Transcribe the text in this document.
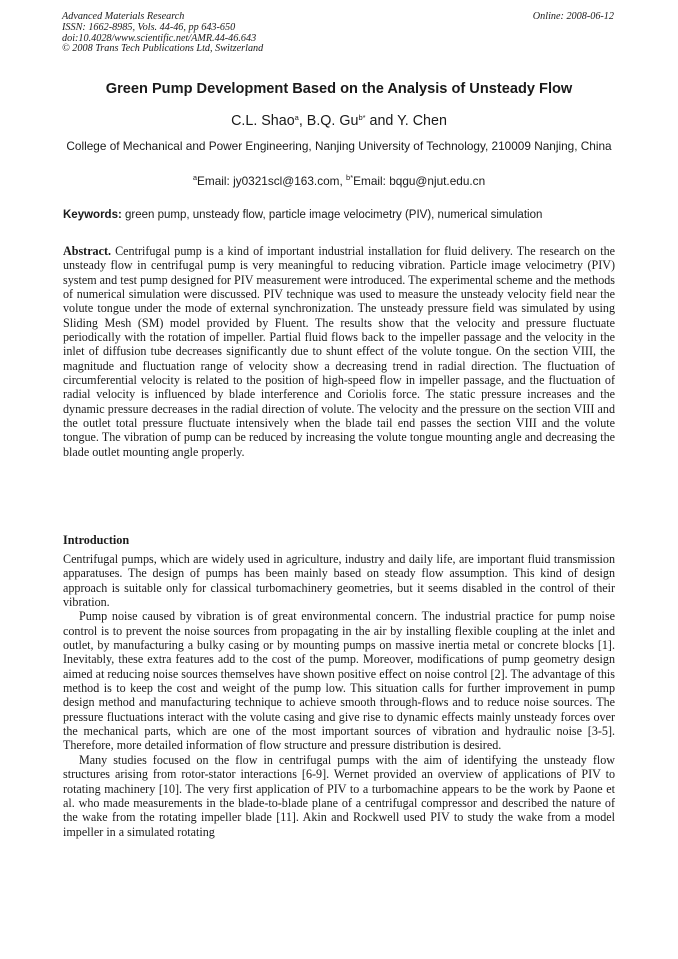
Advanced Materials Research
ISSN: 1662-8985, Vols. 44-46, pp 643-650
doi:10.4028/www.scientific.net/AMR.44-46.643
© 2008 Trans Tech Publications Ltd, Switzerland
Online: 2008-06-12
Green Pump Development Based on the Analysis of Unsteady Flow
C.L. Shao$^a$, B.Q. $Gu^{b*}$ and Y. Chen
College of Mechanical and Power Engineering, Nanjing University of Technology, 210009 Nanjing, China
$^a$Email: jy0321scl@163.com, $^{b*}$Email: bqgu@njut.edu.cn
Keywords: green pump, unsteady flow, particle image velocimetry (PIV), numerical simulation
Abstract. Centrifugal pump is a kind of important industrial installation for fluid delivery. The research on the unsteady flow in centrifugal pump is very meaningful to reducing vibration. Particle image velocimetry (PIV) system and test pump designed for PIV measurement were introduced. The experimental scheme and the methods of numerical simulation were discussed. PIV technique was used to measure the unsteady velocity field near the volute tongue under the mode of external synchronization. The unsteady pressure field was simulated by using Sliding Mesh (SM) model provided by Fluent. The results show that the velocity and pressure fluctuate periodically with the rotation of impeller. Partial fluid flows back to the impeller passage and the velocity in the inlet of diffusion tube decreases significantly due to shunt effect of the volute tongue. On the section VIII, the magnitude and fluctuation range of velocity show a decreasing trend in radial direction. The fluctuation of circumferential velocity is related to the position of high-speed flow in impeller passage, and the fluctuation of radial velocity is influenced by blade interference and Coriolis force. The static pressure increases and the dynamic pressure decreases in the radial direction of volute. The velocity and the pressure on the section VIII and the outlet total pressure fluctuate intensively when the blade tail end passes the section VIII and the volute tongue. The vibration of pump can be reduced by increasing the volute tongue mounting angle and decreasing the blade outlet mounting angle properly.
Introduction

Centrifugal pumps, which are widely used in agriculture, industry and daily life, are important fluid transmission apparatuses. The design of pumps has been mainly based on steady flow assumption. This kind of design approach is suitable only for classical turbomachinery geometries, but it seems disabled in the control of their vibration.

Pump noise caused by vibration is of great environmental concern. The industrial practice for pump noise control is to prevent the noise sources from propagating in the air by installing flexible coupling at the inlet and outlet, by manufacturing a bulky casing or by mounting pumps on massive inertia metal or concrete blocks [1]. Inevitably, these extra features add to the cost of the pump. Moreover, modifications of pump geometry design aimed at reducing noise sources themselves have shown positive effect on noise control [2]. The advantage of this method is to keep the cost and weight of the pump low. This situation calls for further improvement in pump design method and manufacturing technique to achieve smooth through-flows and to reduce noise sources. The pressure fluctuations interact with the volute casing and give rise to dynamic effects mainly unsteady forces over the mechanical parts, which are one of the most important sources of vibration and hydraulic noise [3-5]. Therefore, more detailed information of flow structure and pressure distribution is desired.

Many studies focused on the flow in centrifugal pumps with the aim of identifying the unsteady flow structures arising from rotor-stator interactions [6-9]. Wernet provided an overview of applications of PIV to rotating machinery [10]. The very first application of PIV to a turbomachine appears to be the work by Paone et al. who made measurements in the blade-to-blade plane of a centrifugal compressor and described the nature of the wake from the rotating impeller blade [11]. Akin and Rockwell used PIV to study the wake from a model impeller in a simulated rotating
